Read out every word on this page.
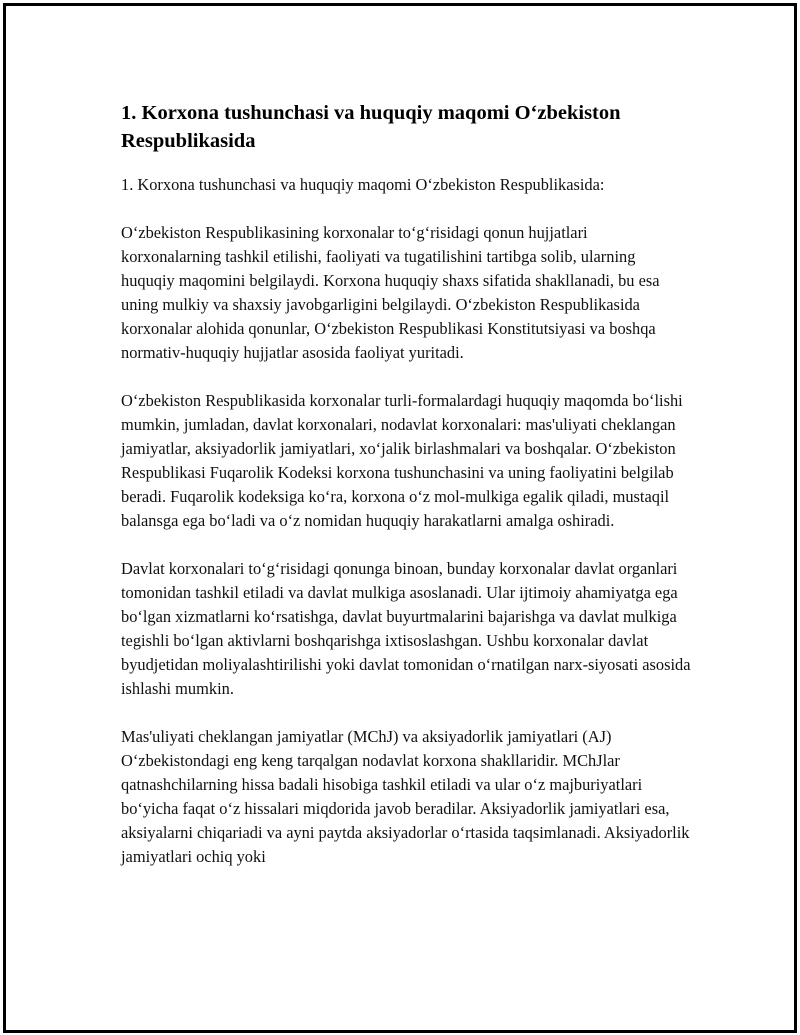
1. Korxona tushunchasi va huquqiy maqomi O‘zbekiston Respublikasida

1. Korxona tushunchasi va huquqiy maqomi O‘zbekiston Respublikasida:

O‘zbekiston Respublikasining korxonalar to‘g‘risidagi qonun hujjatlari korxonalarning tashkil etilishi, faoliyati va tugatilishini tartibga solib, ularning huquqiy maqomini belgilaydi. Korxona huquqiy shaxs sifatida shakllanadi, bu esa uning mulkiy va shaxsiy javobgarligini belgilaydi. O‘zbekiston Respublikasida korxonalar alohida qonunlar, O‘zbekiston Respublikasi Konstitutsiyasi va boshqa normativ-huquqiy hujjatlar asosida faoliyat yuritadi.

O‘zbekiston Respublikasida korxonalar turli-formalardagi huquqiy maqomda bo‘lishi mumkin, jumladan, davlat korxonalari, nodavlat korxonalari: mas'uliyati cheklangan jamiyatlar, aksiyadorlik jamiyatlari, xo‘jalik birlashmalari va boshqalar. O‘zbekiston Respublikasi Fuqarolik Kodeksi korxona tushunchasini va uning faoliyatini belgilab beradi. Fuqarolik kodeksiga ko‘ra, korxona o‘z mol-mulkiga egalik qiladi, mustaqil balansga ega bo‘ladi va o‘z nomidan huquqiy harakatlarni amalga oshiradi.

Davlat korxonalari to‘g‘risidagi qonunga binoan, bunday korxonalar davlat organlari tomonidan tashkil etiladi va davlat mulkiga asoslanadi. Ular ijtimoiy ahamiyatga ega bo‘lgan xizmatlarni ko‘rsatishga, davlat buyurtmalarini bajarishga va davlat mulkiga tegishli bo‘lgan aktivlarni boshqarishga ixtisoslashgan. Ushbu korxonalar davlat byudjetidan moliyalashtirilishi yoki davlat tomonidan o‘rnatilgan narx-siyosati asosida ishlashi mumkin.

Mas'uliyati cheklangan jamiyatlar (MChJ) va aksiyadorlik jamiyatlari (AJ) O‘zbekistondagi eng keng tarqalgan nodavlat korxona shakllaridir. MChJlar qatnashchilarning hissa badali hisobiga tashkil etiladi va ular o‘z majburiyatlari bo‘yicha faqat o‘z hissalari miqdorida javob beradilar. Aksiyadorlik jamiyatlari esa, aksiyalarni chiqariadi va ayni paytda aksiyadorlar o‘rtasida taqsimlanadi. Aksiyadorlik jamiyatlari ochiq yoki
